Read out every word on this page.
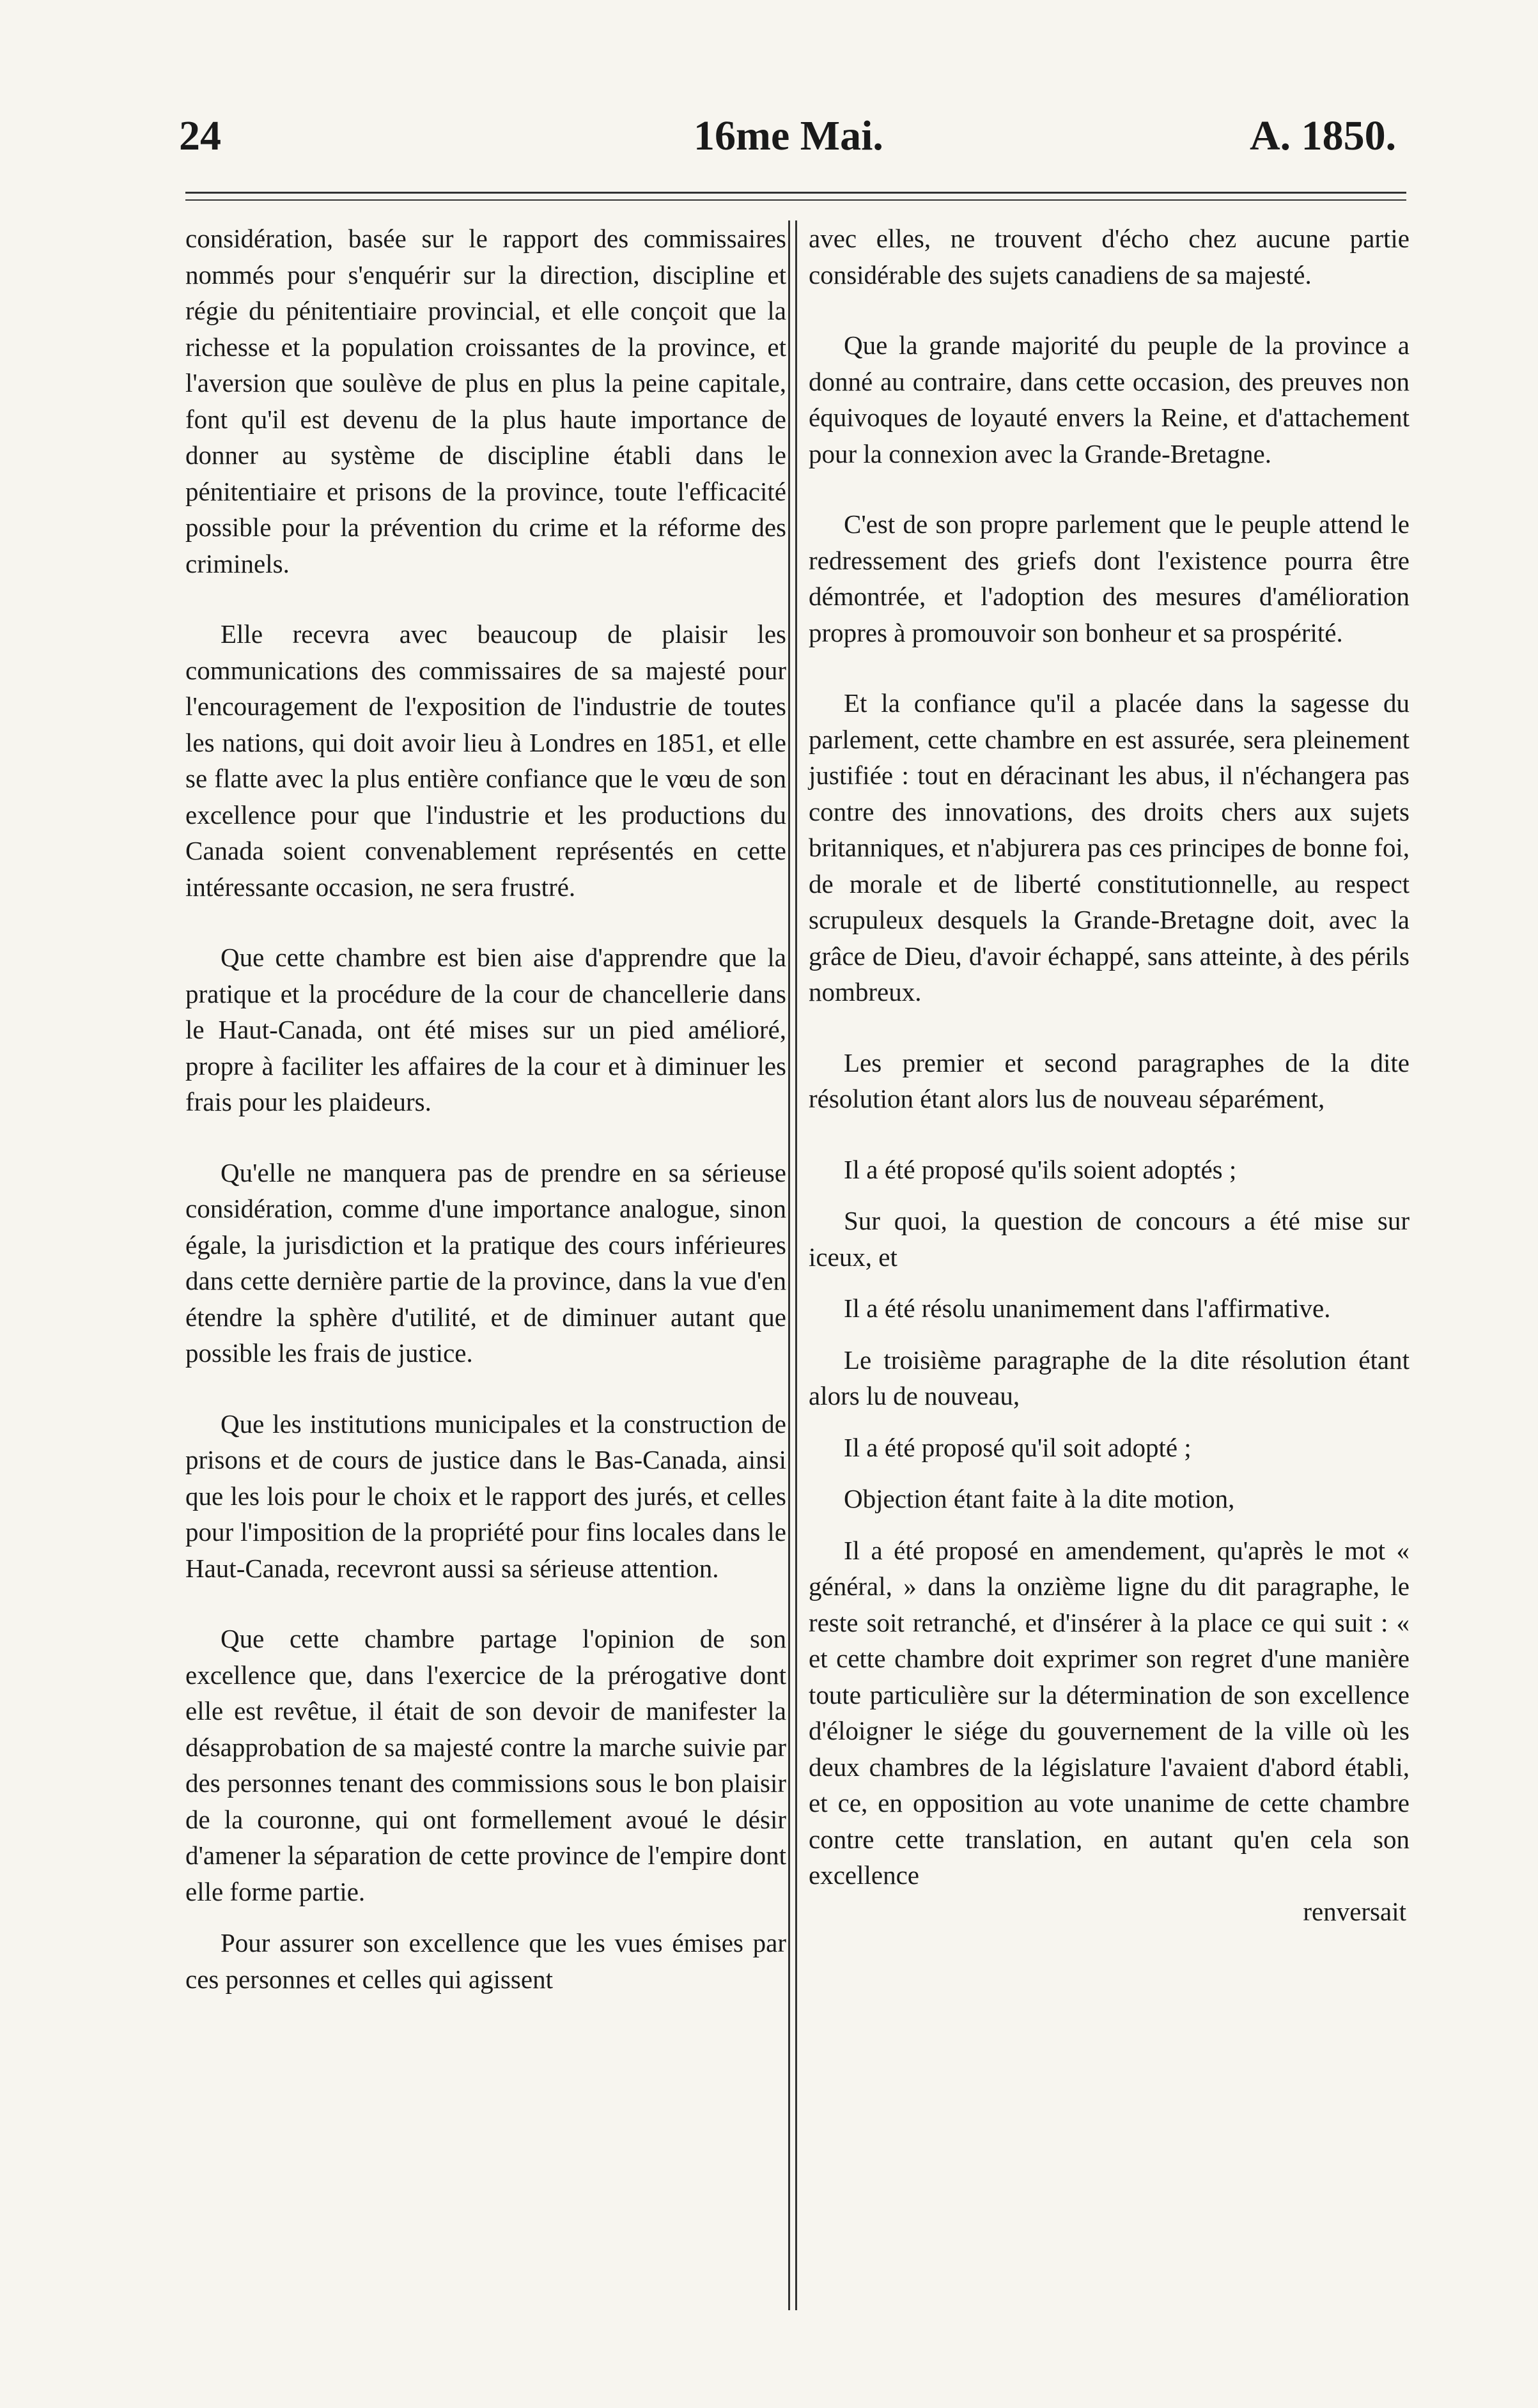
24	16me Mai.	A. 1850.

considération, basée sur le rapport des commissaires nommés pour s'enquérir sur la direction, discipline et régie du pénitentiaire provincial, et elle conçoit que la richesse et la population croissantes de la province, et l'aversion que soulève de plus en plus la peine capitale, font qu'il est devenu de la plus haute importance de donner au système de discipline établi dans le pénitentiaire et prisons de la province, toute l'efficacité possible pour la prévention du crime et la réforme des criminels.

Elle recevra avec beaucoup de plaisir les communications des commissaires de sa majesté pour l'encouragement de l'exposition de l'industrie de toutes les nations, qui doit avoir lieu à Londres en 1851, et elle se flatte avec la plus entière confiance que le vœu de son excellence pour que l'industrie et les productions du Canada soient convenablement représentés en cette intéressante occasion, ne sera frustré.

Que cette chambre est bien aise d'apprendre que la pratique et la procédure de la cour de chancellerie dans le Haut-Canada, ont été mises sur un pied amélioré, propre à faciliter les affaires de la cour et à diminuer les frais pour les plaideurs.

Qu'elle ne manquera pas de prendre en sa sérieuse considération, comme d'une importance analogue, sinon égale, la jurisdiction et la pratique des cours inférieures dans cette dernière partie de la province, dans la vue d'en étendre la sphère d'utilité, et de diminuer autant que possible les frais de justice.

Que les institutions municipales et la construction de prisons et de cours de justice dans le Bas-Canada, ainsi que les lois pour le choix et le rapport des jurés, et celles pour l'imposition de la propriété pour fins locales dans le Haut-Canada, recevront aussi sa sérieuse attention.

Que cette chambre partage l'opinion de son excellence que, dans l'exercice de la prérogative dont elle est revêtue, il était de son devoir de manifester la désapprobation de sa majesté contre la marche suivie par des personnes tenant des commissions sous le bon plaisir de la couronne, qui ont formellement avoué le désir d'amener la séparation de cette province de l'empire dont elle forme partie.

Pour assurer son excellence que les vues émises par ces personnes et celles qui agissent

avec elles, ne trouvent d'écho chez aucune partie considérable des sujets canadiens de sa majesté.

Que la grande majorité du peuple de la province a donné au contraire, dans cette occasion, des preuves non équivoques de loyauté envers la Reine, et d'attachement pour la connexion avec la Grande-Bretagne.

C'est de son propre parlement que le peuple attend le redressement des griefs dont l'existence pourra être démontrée, et l'adoption des mesures d'amélioration propres à promouvoir son bonheur et sa prospérité.

Et la confiance qu'il a placée dans la sagesse du parlement, cette chambre en est assurée, sera pleinement justifiée : tout en déracinant les abus, il n'échangera pas contre des innovations, des droits chers aux sujets britanniques, et n'abjurera pas ces principes de bonne foi, de morale et de liberté constitutionnelle, au respect scrupuleux desquels la Grande-Bretagne doit, avec la grâce de Dieu, d'avoir échappé, sans atteinte, à des périls nombreux.

Les premier et second paragraphes de la dite résolution étant alors lus de nouveau séparément,

Il a été proposé qu'ils soient adoptés ;

Sur quoi, la question de concours a été mise sur iceux, et

Il a été résolu unanimement dans l'affirmative.

Le troisième paragraphe de la dite résolution étant alors lu de nouveau,

Il a été proposé qu'il soit adopté ;

Objection étant faite à la dite motion,

Il a été proposé en amendement, qu'après le mot « général, » dans la onzième ligne du dit paragraphe, le reste soit retranché, et d'insérer à la place ce qui suit : « et cette chambre doit exprimer son regret d'une manière toute particulière sur la détermination de son excellence d'éloigner le siége du gouvernement de la ville où les deux chambres de la législature l'avaient d'abord établi, et ce, en opposition au vote unanime de cette chambre contre cette translation, en autant qu'en cela son excellence

renversait
